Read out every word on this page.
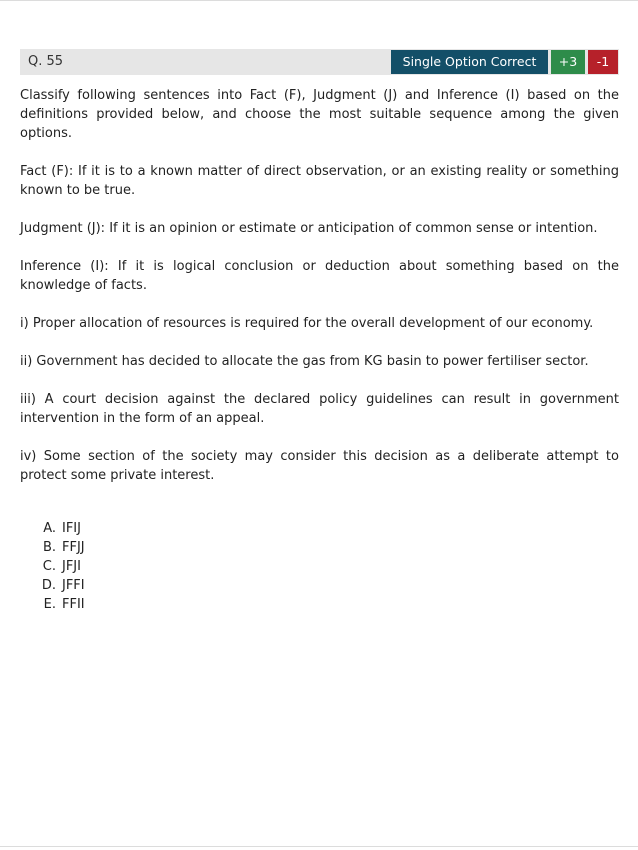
Q. 55	Single Option Correct	+3	-1

Classify following sentences into Fact (F), Judgment (J) and Inference (I) based on the definitions provided below, and choose the most suitable sequence among the given options.

Fact (F): If it is to a known matter of direct observation, or an existing reality or something known to be true.

Judgment (J): If it is an opinion or estimate or anticipation of common sense or intention.

Inference (I): If it is logical conclusion or deduction about something based on the knowledge of facts.

i) Proper allocation of resources is required for the overall development of our economy.

ii) Government has decided to allocate the gas from KG basin to power fertiliser sector.

iii) A court decision against the declared policy guidelines can result in government intervention in the form of an appeal.

iv) Some section of the society may consider this decision as a deliberate attempt to protect some private interest.

A. IFIJ
B. FFJJ
C. JFJI
D. JFFI
E. FFII
